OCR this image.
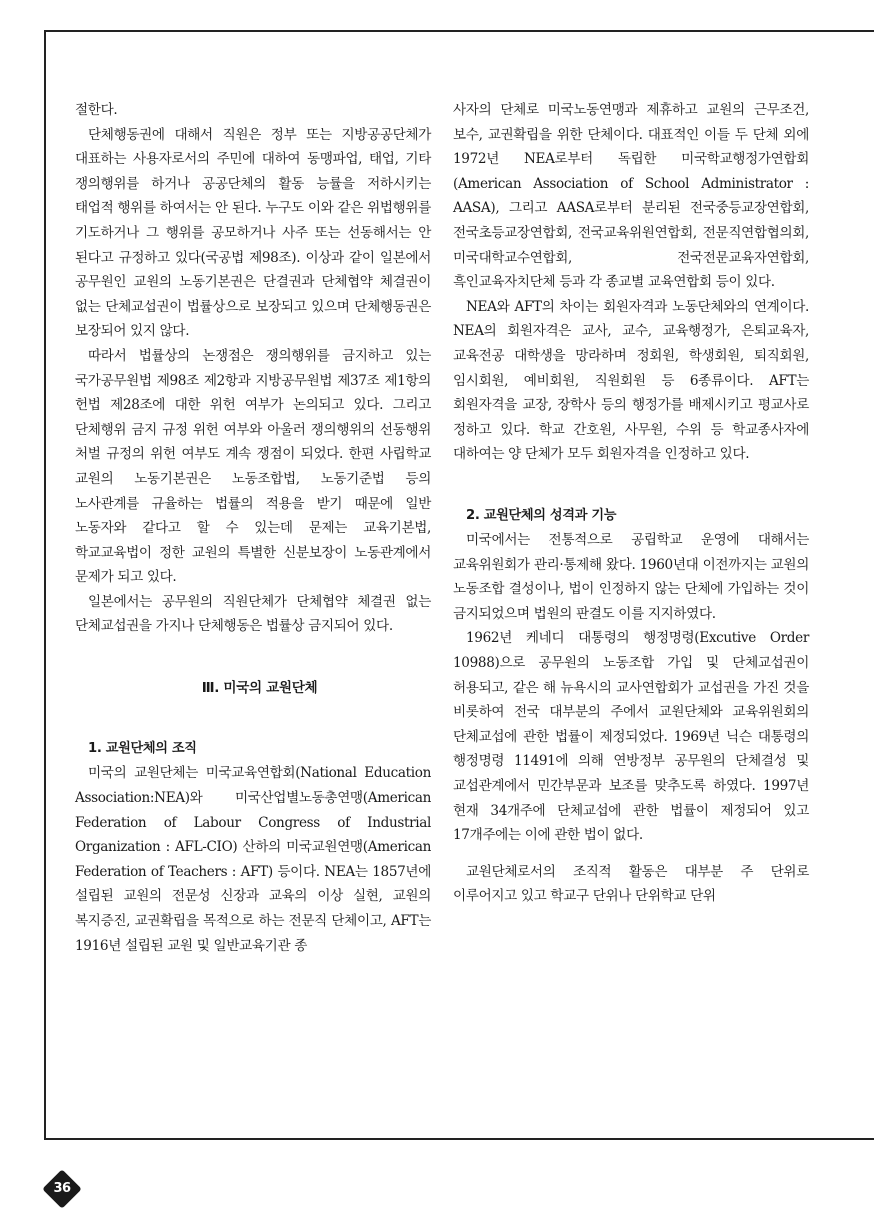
절한다.

단체행동권에 대해서 직원은 정부 또는 지방공공단체가 대표하는 사용자로서의 주민에 대하여 동맹파업, 태업, 기타 쟁의행위를 하거나 공공단체의 활동 능률을 저하시키는 태업적 행위를 하여서는 안 된다. 누구도 이와 같은 위법행위를 기도하거나 그 행위를 공모하거나 사주 또는 선동해서는 안 된다고 규정하고 있다(국공법 제98조). 이상과 같이 일본에서 공무원인 교원의 노동기본권은 단결권과 단체협약 체결권이 없는 단체교섭권이 법률상으로 보장되고 있으며 단체행동권은 보장되어 있지 않다.

따라서 법률상의 논쟁점은 쟁의행위를 금지하고 있는 국가공무원법 제98조 제2항과 지방공무원법 제37조 제1항의 헌법 제28조에 대한 위헌 여부가 논의되고 있다. 그리고 단체행위 금지 규정 위헌 여부와 아울러 쟁의행위의 선동행위 처벌 규정의 위헌 여부도 계속 쟁점이 되었다. 한편 사립학교 교원의 노동기본권은 노동조합법, 노동기준법 등의 노사관계를 규율하는 법률의 적용을 받기 때문에 일반 노동자와 같다고 할 수 있는데 문제는 교육기본법, 학교교육법이 정한 교원의 특별한 신분보장이 노동관계에서 문제가 되고 있다.

일본에서는 공무원의 직원단체가 단체협약 체결권 없는 단체교섭권을 가지나 단체행동은 법률상 금지되어 있다.

Ⅲ. 미국의 교원단체

1. 교원단체의 조직

미국의 교원단체는 미국교육연합회(National Education Association:NEA)와 미국산업별노동총연맹(American Federation of Labour Congress of Industrial Organization : AFL-CIO) 산하의 미국교원연맹(American Federation of Teachers : AFT) 등이다. NEA는 1857년에 설립된 교원의 전문성 신장과 교육의 이상 실현, 교원의 복지증진, 교권확립을 목적으로 하는 전문직 단체이고, AFT는 1916년 설립된 교원 및 일반교육기관 종

사자의 단체로 미국노동연맹과 제휴하고 교원의 근무조건, 보수, 교권확립을 위한 단체이다. 대표적인 이들 두 단체 외에 1972년 NEA로부터 독립한 미국학교행정가연합회(American Association of School Administrator : AASA), 그리고 AASA로부터 분리된 전국중등교장연합회, 전국초등교장연합회, 전국교육위원연합회, 전문직연합협의회, 미국대학교수연합회, 전국전문교육자연합회, 흑인교육자치단체 등과 각 종교별 교육연합회 등이 있다.

NEA와 AFT의 차이는 회원자격과 노동단체와의 연계이다. NEA의 회원자격은 교사, 교수, 교육행정가, 은퇴교육자, 교육전공 대학생을 망라하며 정회원, 학생회원, 퇴직회원, 임시회원, 예비회원, 직원회원 등 6종류이다. AFT는 회원자격을 교장, 장학사 등의 행정가를 배제시키고 평교사로 정하고 있다. 학교 간호원, 사무원, 수위 등 학교종사자에 대하여는 양 단체가 모두 회원자격을 인정하고 있다.

2. 교원단체의 성격과 기능

미국에서는 전통적으로 공립학교 운영에 대해서는 교육위원회가 관리·통제해 왔다. 1960년대 이전까지는 교원의 노동조합 결성이나, 법이 인정하지 않는 단체에 가입하는 것이 금지되었으며 법원의 판결도 이를 지지하였다.

1962년 케네디 대통령의 행정명령(Excutive Order 10988)으로 공무원의 노동조합 가입 및 단체교섭권이 허용되고, 같은 해 뉴욕시의 교사연합회가 교섭권을 가진 것을 비롯하여 전국 대부분의 주에서 교원단체와 교육위원회의 단체교섭에 관한 법률이 제정되었다. 1969년 닉슨 대통령의 행정명령 11491에 의해 연방정부 공무원의 단체결성 및 교섭관계에서 민간부문과 보조를 맞추도록 하였다. 1997년 현재 34개주에 단체교섭에 관한 법률이 제정되어 있고 17개주에는 이에 관한 법이 없다.

교원단체로서의 조직적 활동은 대부분 주 단위로 이루어지고 있고 학교구 단위나 단위학교 단위

36
